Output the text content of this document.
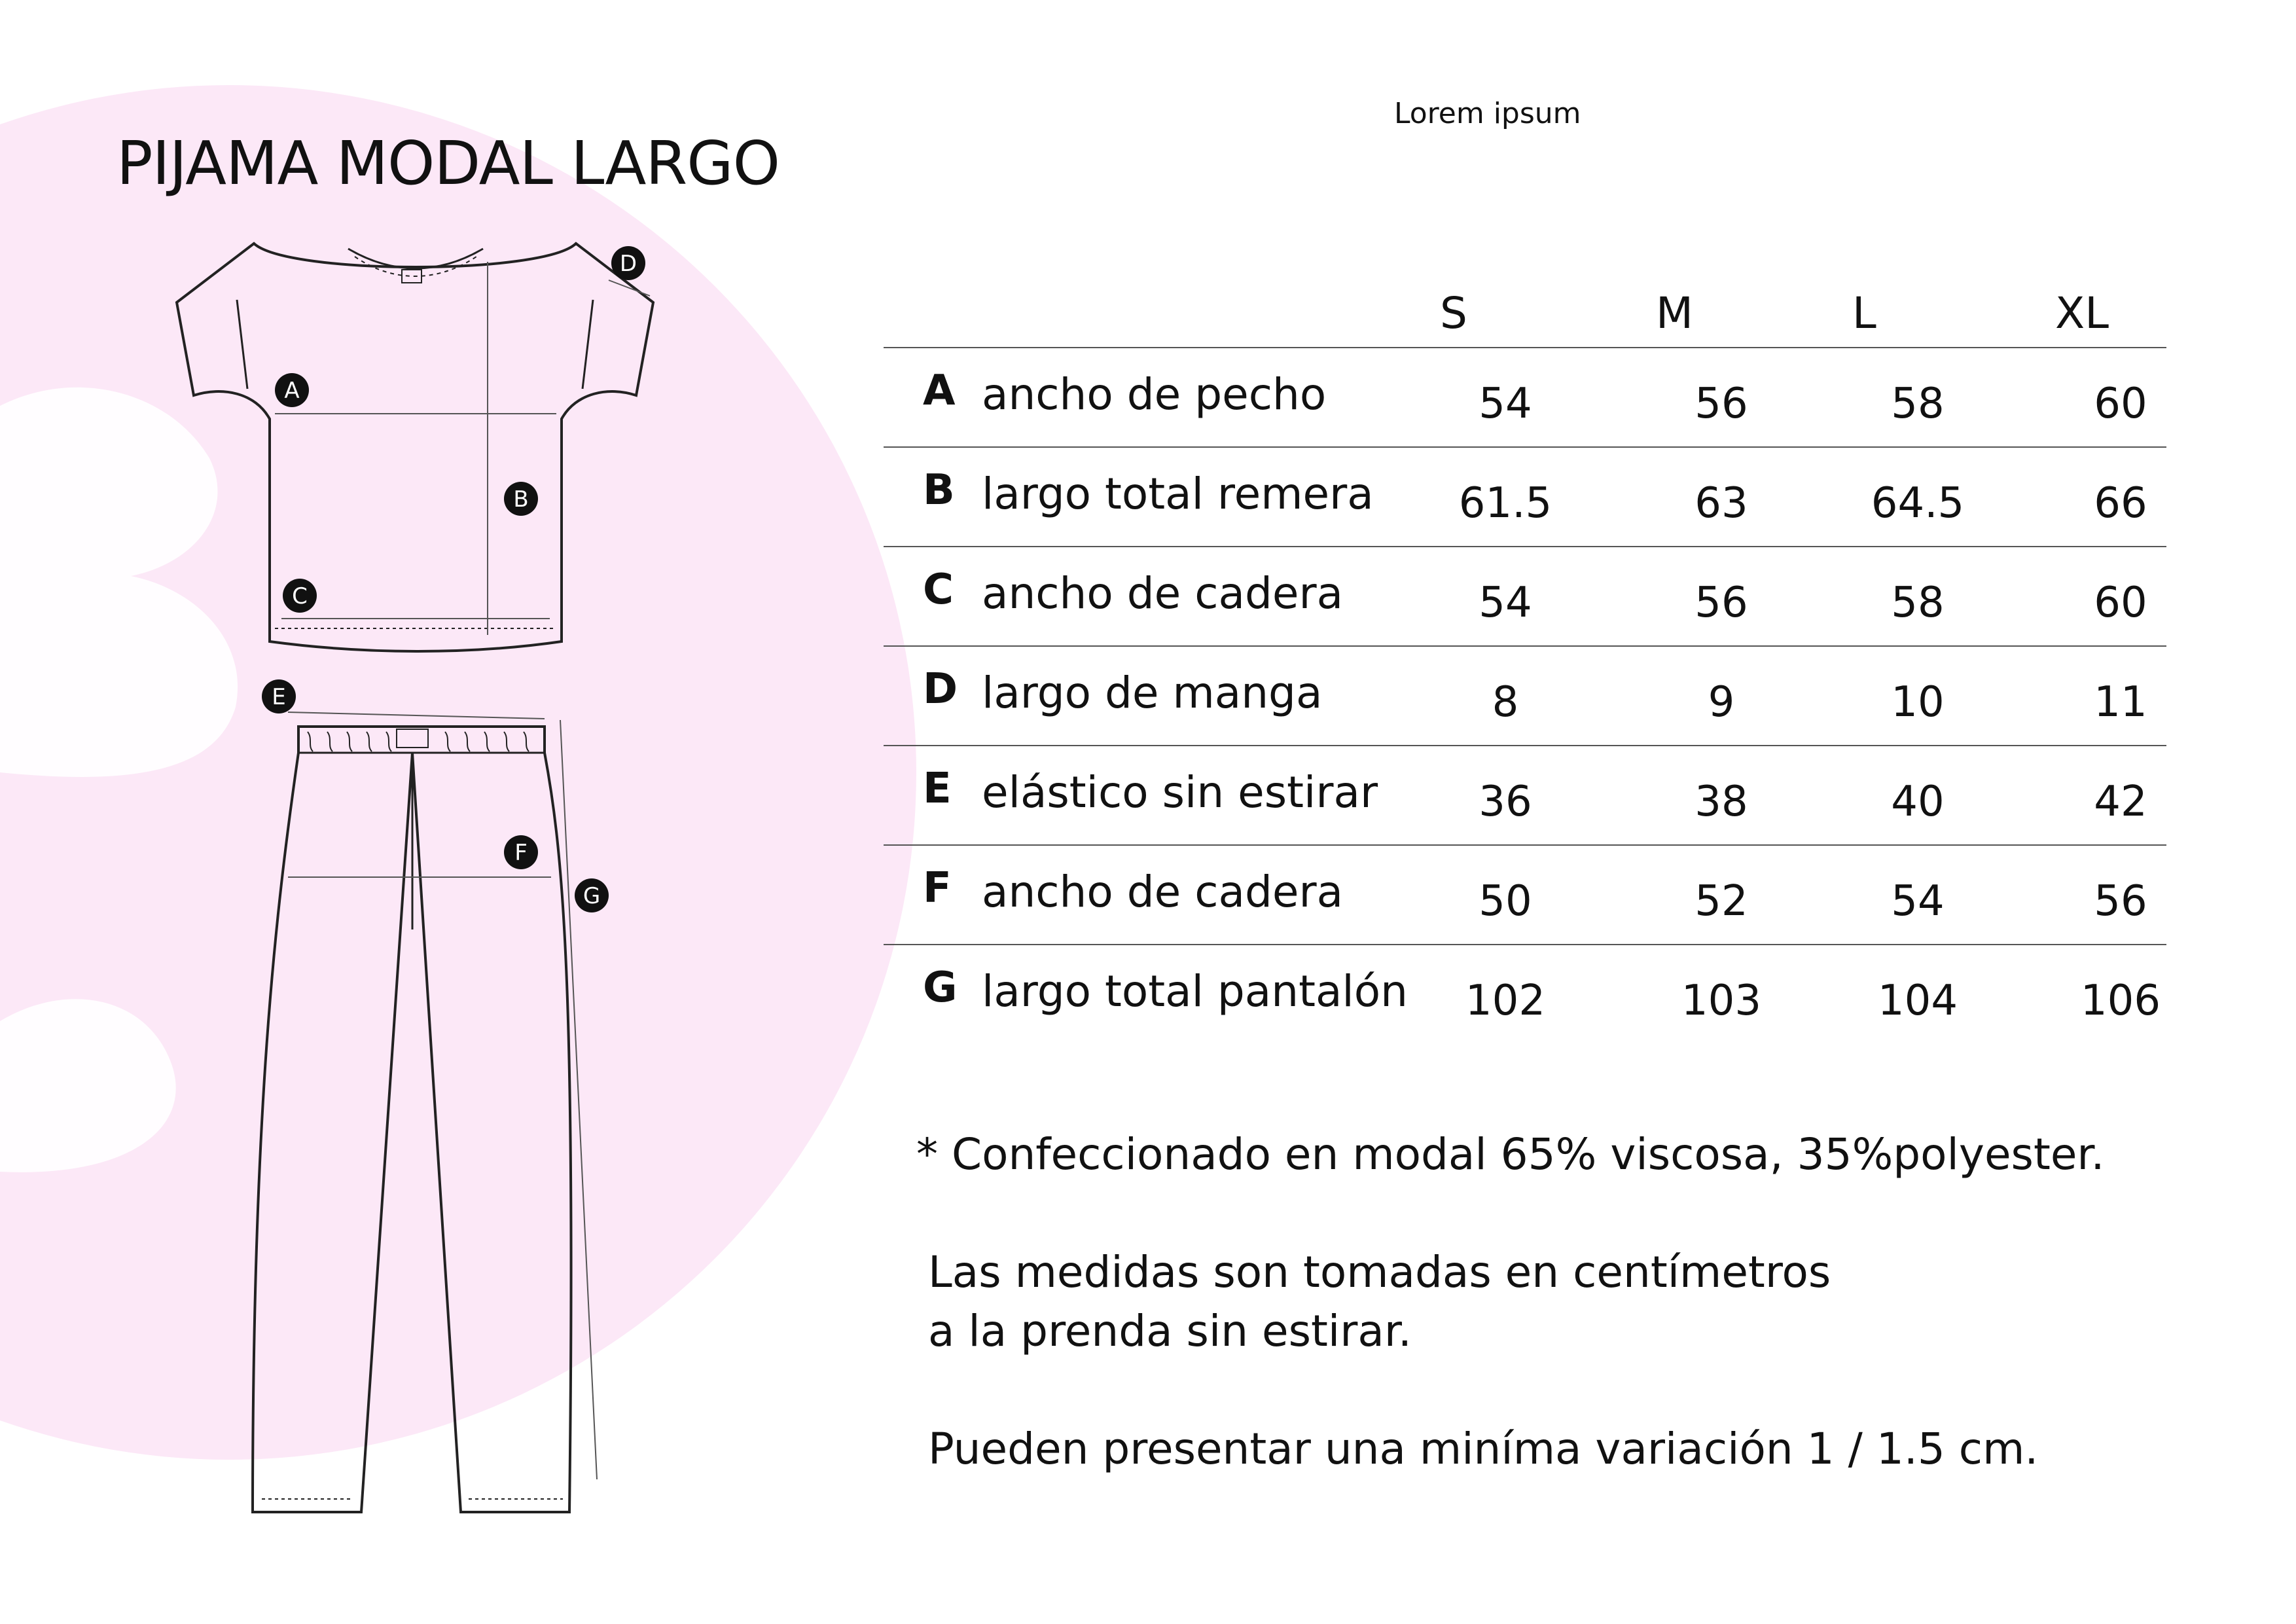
PIJAMA MODAL LARGO
Lorem ipsum
A
B
C
D
E
F
G
S	M	L	XL
A ancho de pecho	54	56	58	60
B largo total remera	61.5	63	64.5	66
C ancho de cadera	54	56	58	60
D largo de manga	8	9	10	11
E elástico sin estirar	36	38	40	42
F ancho de cadera	50	52	54	56
G largo total pantalón	102	103	104	106
* Confeccionado en modal 65% viscosa, 35%polyester.
Las medidas son tomadas en centímetros
a la prenda sin estirar.
Pueden presentar una miníma variación 1 / 1.5 cm.
